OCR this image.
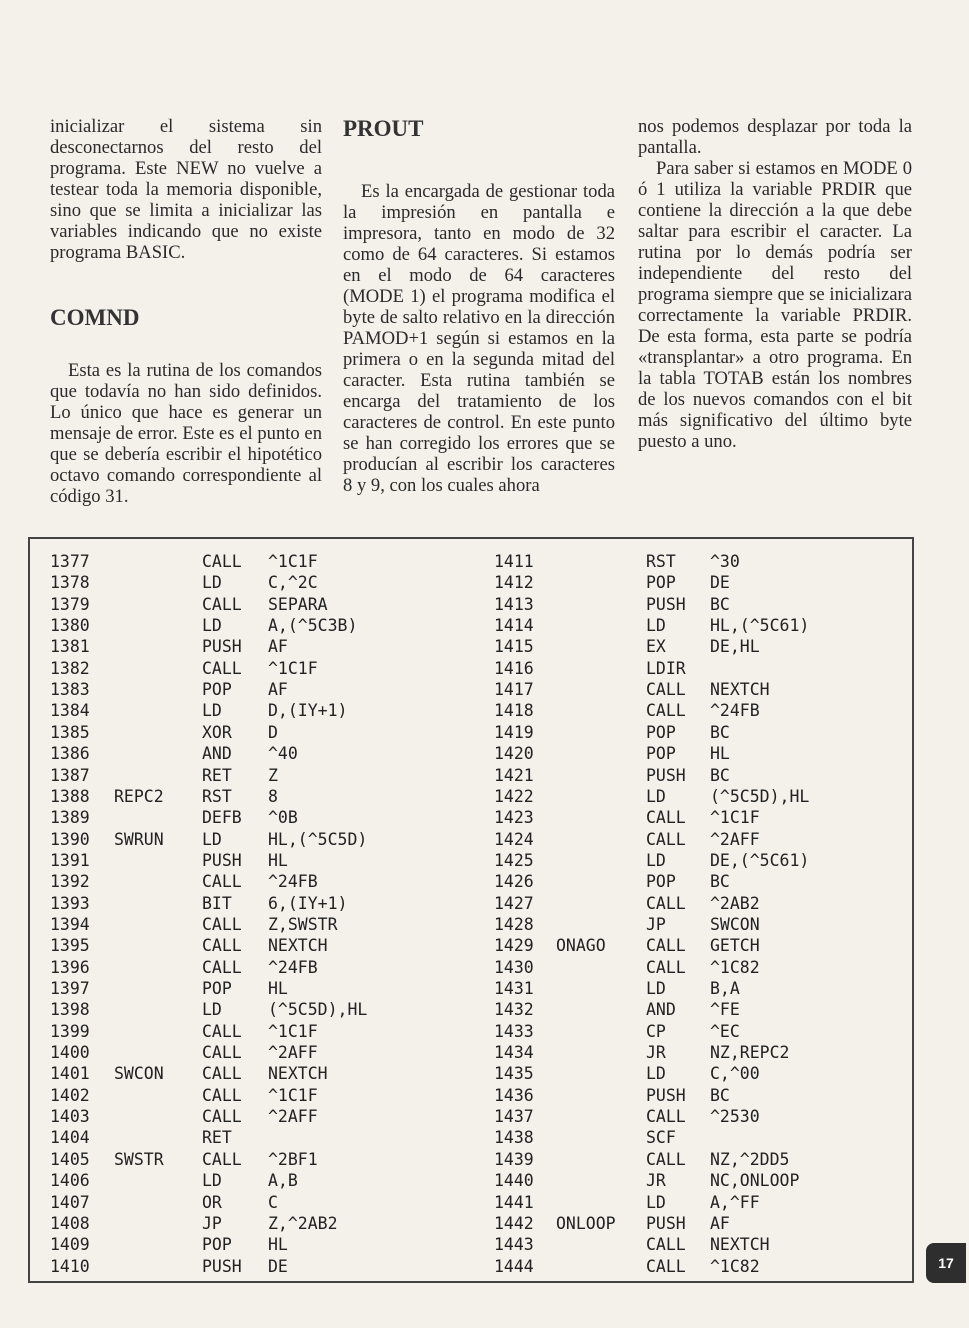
inicializar el sistema sin desconectarnos del resto del programa. Este NEW no vuelve a testear toda la memoria disponible, sino que se limita a inicializar las variables indicando que no existe programa BASIC.

COMND

Esta es la rutina de los comandos que todavía no han sido definidos. Lo único que hace es generar un mensaje de error. Este es el punto en que se debería escribir el hipotético octavo comando correspondiente al código 31.

PROUT

Es la encargada de gestionar toda la impresión en pantalla e impresora, tanto en modo de 32 como de 64 caracteres. Si estamos en el modo de 64 caracteres (MODE 1) el programa modifica el byte de salto relativo en la dirección PAMOD+1 según si estamos en la primera o en la segunda mitad del caracter. Esta rutina también se encarga del tratamiento de los caracteres de control. En este punto se han corregido los errores que se producían al escribir los caracteres 8 y 9, con los cuales ahora

nos podemos desplazar por toda la pantalla.

Para saber si estamos en MODE 0 ó 1 utiliza la variable PRDIR que contiene la dirección a la que debe saltar para escribir el caracter. La rutina por lo demás podría ser independiente del resto del programa siempre que se inicializara correctamente la variable PRDIR. De esta forma, esta parte se podría «transplantar» a otro programa. En la tabla TOTAB están los nombres de los nuevos comandos con el bit más significativo del último byte puesto a uno.

1377	CALL ^1C1F
1378	LD	C,^2C
1379	CALL SEPARA
1380	LD	A,(^5C3B)
1381	PUSH AF
1382	CALL ^1C1F
1383	POP AF
1384	LD	D,(IY+1)
1385	XOR D
1386	AND ^40
1387	RET Z
1388 REPC2 RST 8
1389	DEFB ^0B
1390 SWRUN LD	HL,(^5C5D)
1391	PUSH HL
1392	CALL ^24FB
1393	BIT 6,(IY+1)
1394	CALL Z,SWSTR
1395	CALL NEXTCH
1396	CALL ^24FB
1397	POP HL
1398	LD	(^5C5D),HL
1399	CALL ^1C1F
1400	CALL ^2AFF
1401 SWCON CALL NEXTCH
1402	CALL ^1C1F
1403	CALL ^2AFF
1404	RET
1405 SWSTR CALL ^2BF1
1406	LD	A,B
1407	OR	C
1408	JP	Z,^2AB2
1409	POP HL
1410	PUSH DE
1411	RST ^30
1412	POP DE
1413	PUSH BC
1414	LD	HL,(^5C61)
1415	EX	DE,HL
1416	LDIR
1417	CALL NEXTCH
1418	CALL ^24FB
1419	POP BC
1420	POP HL
1421	PUSH BC
1422	LD	(^5C5D),HL
1423	CALL ^1C1F
1424	CALL ^2AFF
1425	LD	DE,(^5C61)
1426	POP BC
1427	CALL ^2AB2
1428	JP	SWCON
1429 ONAGO CALL GETCH
1430	CALL ^1C82
1431	LD	B,A
1432	AND ^FE
1433	CP	^EC
1434	JR	NZ,REPC2
1435	LD	C,^00
1436	PUSH BC
1437	CALL ^2530
1438	SCF
1439	CALL NZ,^2DD5
1440	JR	NC,ONLOOP
1441	LD	A,^FF
1442 ONLOOP PUSH AF
1443	CALL NEXTCH
1444	CALL ^1C82	17
